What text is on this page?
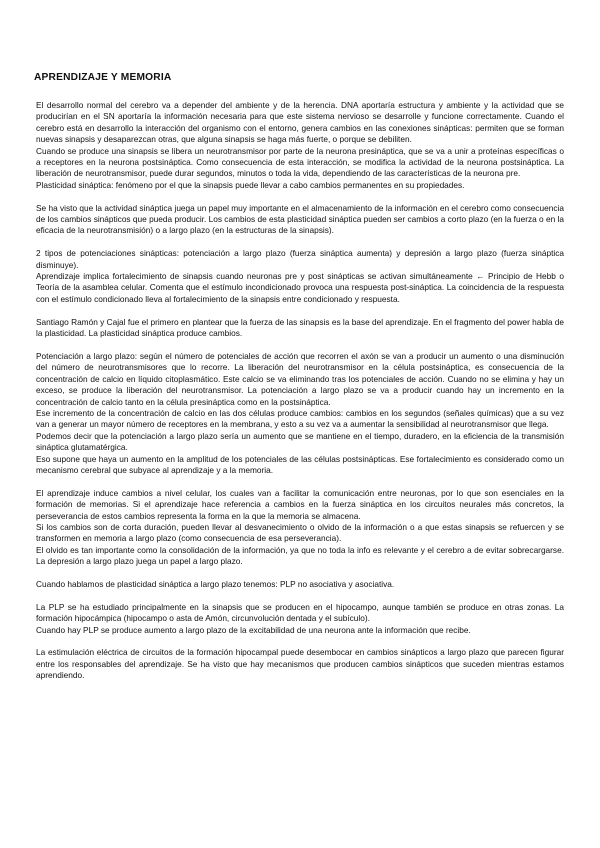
APRENDIZAJE Y MEMORIA

El desarrollo normal del cerebro va a depender del ambiente y de la herencia. DNA aportaría estructura y ambiente y la actividad que se producirían en el SN aportaría la información necesaria para que este sistema nervioso se desarrolle y funcione correctamente. Cuando el cerebro está en desarrollo la interacción del organismo con el entorno, genera cambios en las conexiones sinápticas: permiten que se forman nuevas sinapsis y desaparezcan otras, que alguna sinapsis se haga más fuerte, o porque se debiliten.

Cuando se produce una sinapsis se libera un neurotransmisor por parte de la neurona presináptica, que se va a unir a proteínas específicas o a receptores en la neurona postsináptica. Como consecuencia de esta interacción, se modifica la actividad de la neurona postsináptica. La liberación de neurotransmisor, puede durar segundos, minutos o toda la vida, dependiendo de las características de la neurona pre.

Plasticidad sináptica: fenómeno por el que la sinapsis puede llevar a cabo cambios permanentes en su propiedades.

Se ha visto que la actividad sináptica juega un papel muy importante en el almacenamiento de la información en el cerebro como consecuencia de los cambios sinápticos que pueda producir. Los cambios de esta plasticidad sináptica pueden ser cambios a corto plazo (en la fuerza o en la eficacia de la neurotransmisión) o a largo plazo (en la estructuras de la sinapsis).

2 tipos de potenciaciones sinápticas: potenciación a largo plazo (fuerza sináptica aumenta) y depresión a largo plazo (fuerza sináptica disminuye).

Aprendizaje implica fortalecimiento de sinapsis cuando neuronas pre y post sinápticas se activan simultáneamente ← Principio de Hebb o Teoría de la asamblea celular. Comenta que el estímulo incondicionado provoca una respuesta post-sináptica. La coincidencia de la respuesta con el estímulo condicionado lleva al fortalecimiento de la sinapsis entre condicionado y respuesta.

Santiago Ramón y Cajal fue el primero en plantear que la fuerza de las sinapsis es la base del aprendizaje. En el fragmento del power habla de la plasticidad. La plasticidad sináptica produce cambios.

Potenciación a largo plazo: según el número de potenciales de acción que recorren el axón se van a producir un aumento o una disminución del número de neurotransmisores que lo recorre. La liberación del neurotransmisor en la célula postsináptica, es consecuencia de la concentración de calcio en líquido citoplasmático. Este calcio se va eliminando tras los potenciales de acción. Cuando no se elimina y hay un exceso, se produce la liberación del neurotransmisor. La potenciación a largo plazo se va a producir cuando hay un incremento en la concentración de calcio tanto en la célula presináptica como en la postsináptica.

Ese incremento de la concentración de calcio en las dos células produce cambios: cambios en los segundos (señales químicas) que a su vez van a generar un mayor número de receptores en la membrana, y esto a su vez va a aumentar la sensibilidad al neurotransmisor que llega.

Podemos decir que la potenciación a largo plazo sería un aumento que se mantiene en el tiempo, duradero, en la eficiencia de la transmisión sináptica glutamatérgica.

Eso supone que haya un aumento en la amplitud de los potenciales de las células postsinápticas. Ese fortalecimiento es considerado como un mecanismo cerebral que subyace al aprendizaje y a la memoria.

El aprendizaje induce cambios a nivel celular, los cuales van a facilitar la comunicación entre neuronas, por lo que son esenciales en la formación de memorias. Si el aprendizaje hace referencia a cambios en la fuerza sináptica en los circuitos neurales más concretos, la perseverancia de estos cambios representa la forma en la que la memoria se almacena.

Si los cambios son de corta duración, pueden llevar al desvanecimiento o olvido de la información o a que estas sinapsis se refuercen y se transformen en memoria a largo plazo (como consecuencia de esa perseverancia).

El olvido es tan importante como la consolidación de la información, ya que no toda la info es relevante y el cerebro a de evitar sobrecargarse. La depresión a largo plazo juega un papel a largo plazo.

Cuando hablamos de plasticidad sináptica a largo plazo tenemos: PLP no asociativa y asociativa.

La PLP se ha estudiado principalmente en la sinapsis que se producen en el hipocampo, aunque también se produce en otras zonas. La formación hipocámpica (hipocampo o asta de Amón, circunvolución dentada y el subículo).

Cuando hay PLP se produce aumento a largo plazo de la excitabilidad de una neurona ante la información que recibe.

La estimulación eléctrica de circuitos de la formación hipocampal puede desembocar en cambios sinápticos a largo plazo que parecen figurar entre los responsables del aprendizaje. Se ha visto que hay mecanismos que producen cambios sinápticos que suceden mientras estamos aprendiendo.
